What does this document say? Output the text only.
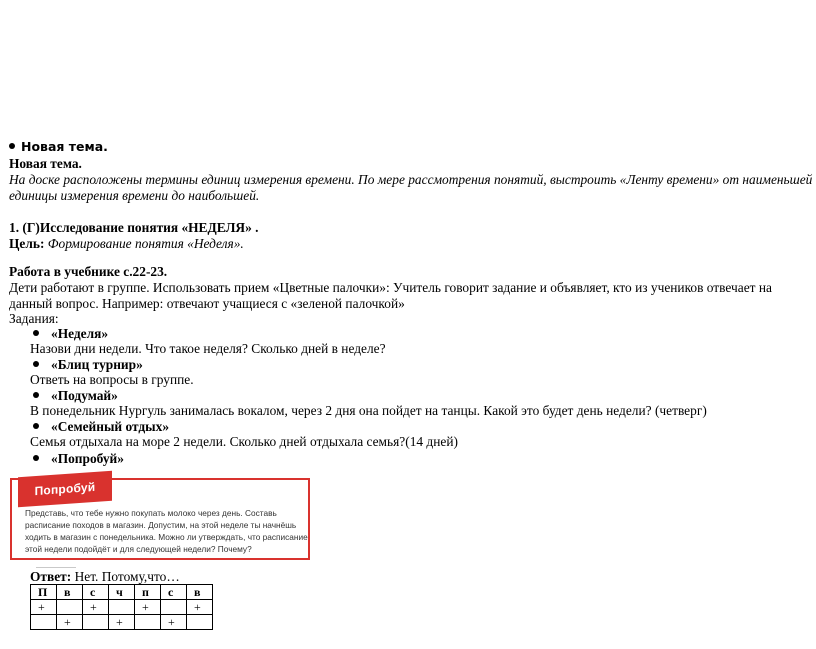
Новая тема.
Новая тема.
На доске расположены термины единиц измерения времени. По мере рассмотрения понятий, выстроить «Ленту времени» от наименьшей
единицы измерения времени до наибольшей.
1. (Г)Исследование понятия «НЕДЕЛЯ» .
Цель: Формирование понятия «Неделя».
Работа в учебнике с.22-23.
Дети работают в группе. Использовать прием «Цветные палочки»: Учитель говорит задание и объявляет, кто из учеников отвечает на
данный вопрос. Например: отвечают учащиеся с «зеленой палочкой»
Задания:
«Неделя»
Назови дни недели. Что такое неделя? Сколько дней в неделе?
«Блиц турнир»
Ответь на вопросы в группе.
«Подумай»
В понедельник Нургуль занималась вокалом, через 2 дня она пойдет на танцы. Какой это будет день недели? (четверг)
«Семейный отдых»
Семья отдыхала на море 2 недели. Сколько дней отдыхала семья?(14 дней)
«Попробуй»
Попробуй
Представь, что тебе нужно покупать молоко через день. Составь
расписание походов в магазин. Допустим, на этой неделе ты начнёшь
ходить в магазин с понедельника. Можно ли утверждать, что расписание
этой недели подойдёт и для следующей недели? Почему?
Ответ: Нет. Потому,что…
П	в	с	ч	п	с	в
+		+		+		+
	+		+		+	
